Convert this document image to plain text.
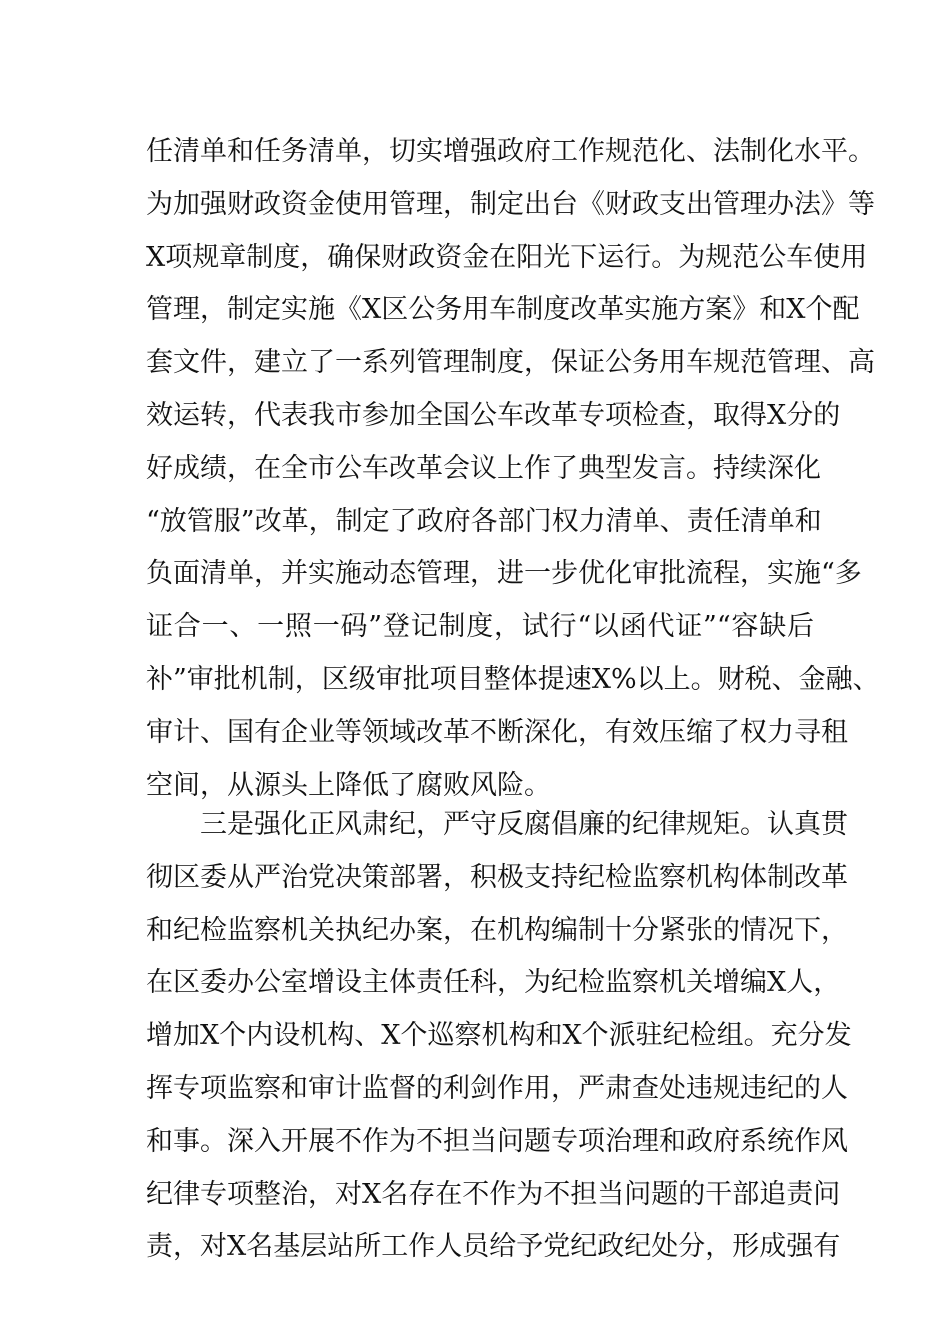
任清单和任务清单，切实增强政府工作规范化、法制化水平。
为加强财政资金使用管理，制定出台《财政支出管理办法》等
X项规章制度，确保财政资金在阳光下运行。为规范公车使用
管理，制定实施《X区公务用车制度改革实施方案》和X个配
套文件，建立了一系列管理制度，保证公务用车规范管理、高
效运转，代表我市参加全国公车改革专项检查，取得X分的
好成绩，在全市公车改革会议上作了典型发言。持续深化
“放管服”改革，制定了政府各部门权力清单、责任清单和
负面清单，并实施动态管理，进一步优化审批流程，实施“多
证合一、一照一码”登记制度，试行“以函代证”“容缺后
补”审批机制，区级审批项目整体提速X%以上。财税、金融、
审计、国有企业等领域改革不断深化，有效压缩了权力寻租
空间，从源头上降低了腐败风险。
三是强化正风肃纪，严守反腐倡廉的纪律规矩。认真贯
彻区委从严治党决策部署，积极支持纪检监察机构体制改革
和纪检监察机关执纪办案，在机构编制十分紧张的情况下，
在区委办公室增设主体责任科，为纪检监察机关增编X人，
增加X个内设机构、X个巡察机构和X个派驻纪检组。充分发
挥专项监察和审计监督的利剑作用，严肃查处违规违纪的人
和事。深入开展不作为不担当问题专项治理和政府系统作风
纪律专项整治，对X名存在不作为不担当问题的干部追责问
责，对X名基层站所工作人员给予党纪政纪处分，形成强有
